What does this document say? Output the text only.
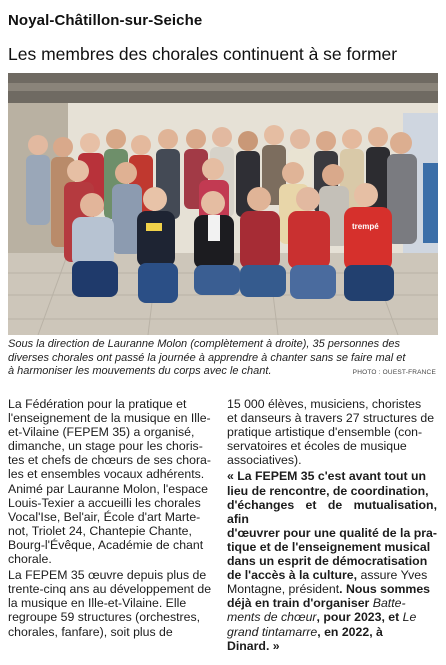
Noyal-Châtillon-sur-Seiche
Les membres des chorales continuent à se former
trempé
Sous la direction de Lauranne Molon (complètement à droite), 35 personnes des
diverses chorales ont passé la journée à apprendre à chanter sans se faire mal et
à harmoniser les mouvements du corps avec le chant.	PHOTO : OUEST-FRANCE

La Fédération pour la pratique et
l'enseignement de la musique en Ille-
et-Vilaine (FEPEM 35) a organisé,
dimanche, un stage pour les choris-
tes et chefs de chœurs de ses chora-
les et ensembles vocaux adhérents.
Animé par Lauranne Molon, l'espace
Louis-Texier a accueilli les chorales
Vocal'Ise, Bel'air, École d'art Marte-
not, Triolet 24, Chantepie Chante,
Bourg-l'Évêque, Académie de chant
chorale.

La FEPEM 35 œuvre depuis plus de
trente-cinq ans au développement de
la musique en Ille-et-Vilaine. Elle
regroupe 59 structures (orchestres,
chorales, fanfare), soit plus de

15 000 élèves, musiciens, choristes
et danseurs à travers 27 structures de
pratique artistique d'ensemble (con-
servatoires et écoles de musique
associatives).

« La FEPEM 35 c'est avant tout un
lieu de rencontre, de coordination,
d'échanges et de mutualisation, afin
d'œuvrer pour une qualité de la pra-
tique et de l'enseignement musical
dans un esprit de démocratisation
de l'accès à la culture, assure Yves
Montagne, président. Nous sommes
déjà en train d'organiser Batte-
ments de chœur, pour 2023, et Le
grand tintamarre, en 2022, à
Dinard. »
